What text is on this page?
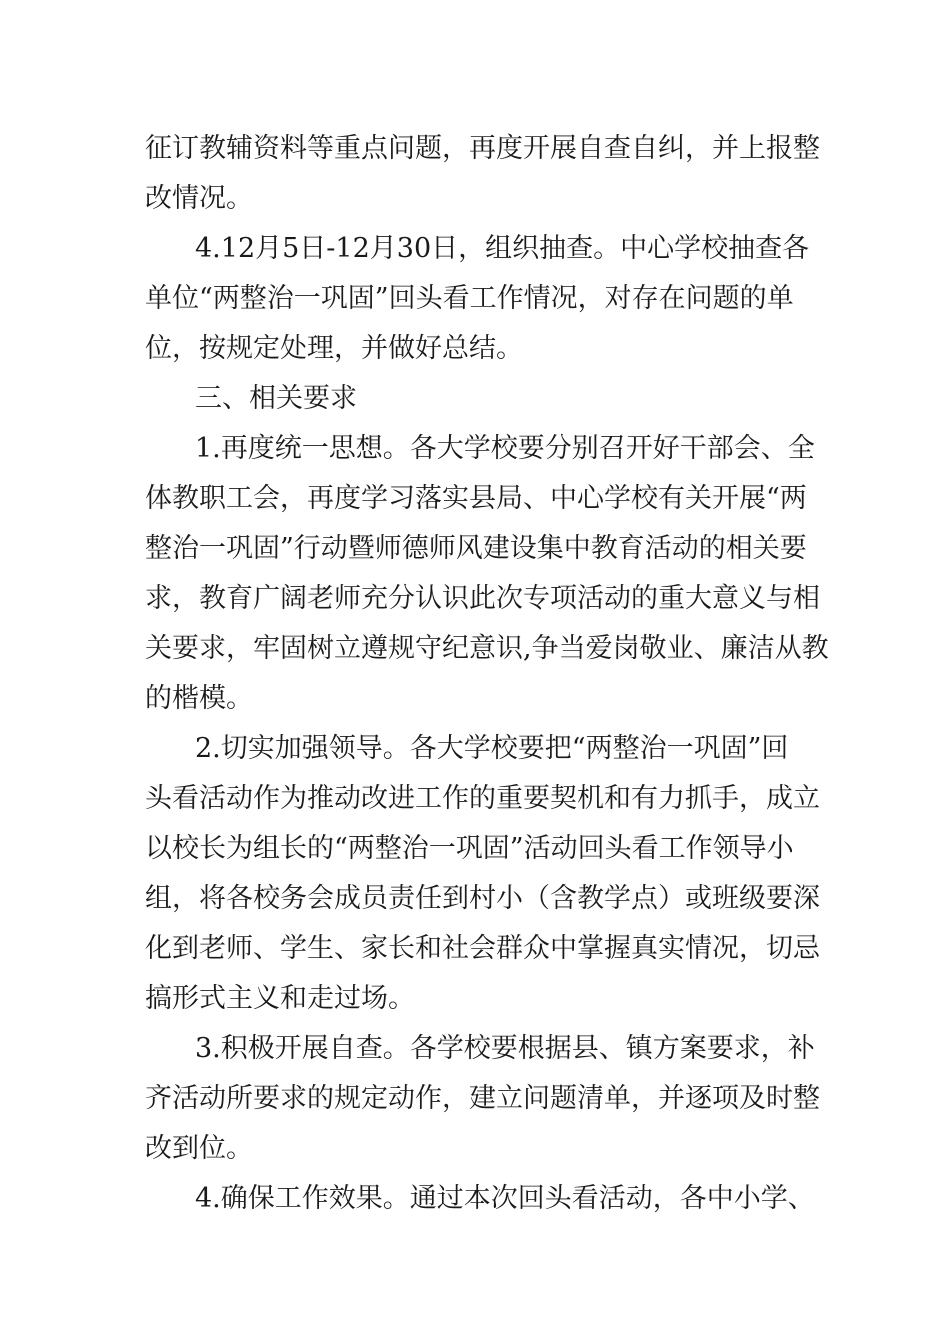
征订教辅资料等重点问题，再度开展自查自纠，并上报整
改情况。
4.12月5日-12月30日，组织抽查。中心学校抽查各
单位“两整治一巩固”回头看工作情况，对存在问题的单
位，按规定处理，并做好总结。
三、相关要求
1.再度统一思想。各大学校要分别召开好干部会、全
体教职工会，再度学习落实县局、中心学校有关开展“两
整治一巩固”行动暨师德师风建设集中教育活动的相关要
求，教育广阔老师充分认识此次专项活动的重大意义与相
关要求，牢固树立遵规守纪意识,争当爱岗敬业、廉洁从教
的楷模。
2.切实加强领导。各大学校要把“两整治一巩固”回
头看活动作为推动改进工作的重要契机和有力抓手，成立
以校长为组长的“两整治一巩固”活动回头看工作领导小
组，将各校务会成员责任到村小（含教学点）或班级要深
化到老师、学生、家长和社会群众中掌握真实情况，切忌
搞形式主义和走过场。
3.积极开展自查。各学校要根据县、镇方案要求，补
齐活动所要求的规定动作，建立问题清单，并逐项及时整
改到位。
4.确保工作效果。通过本次回头看活动，各中小学、
